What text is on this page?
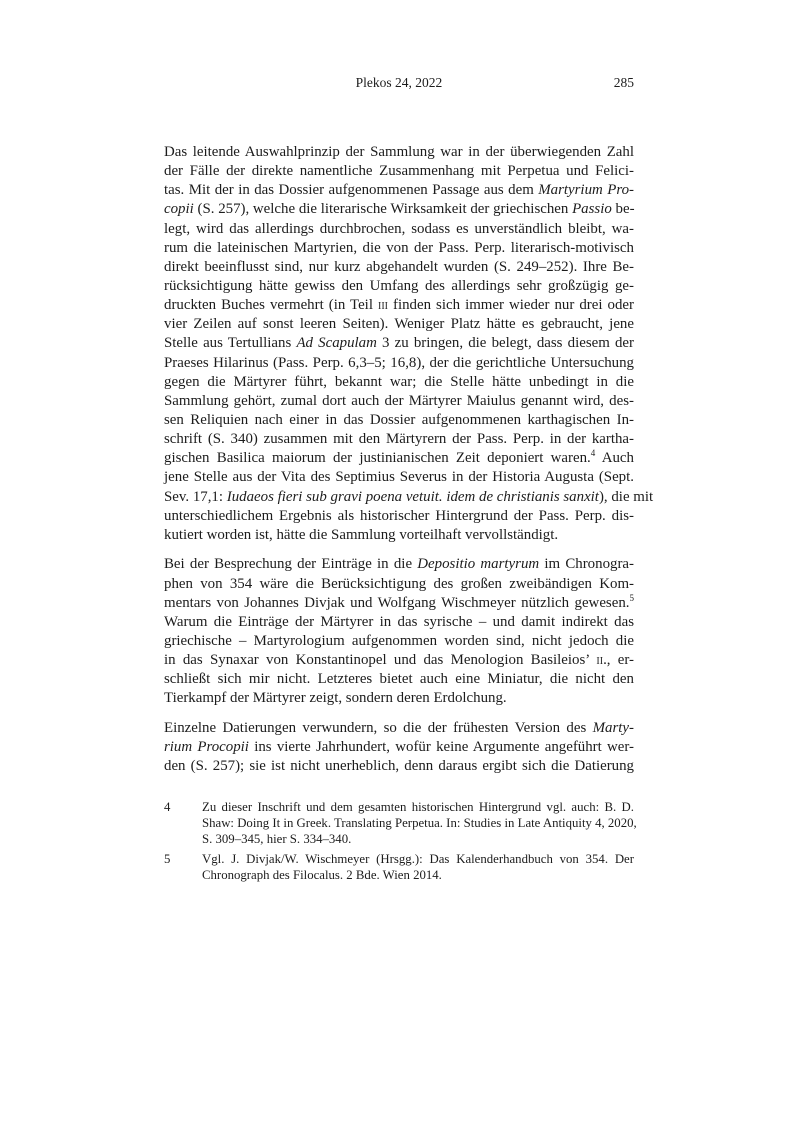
Plekos 24, 2022	285
Das leitende Auswahlprinzip der Sammlung war in der überwiegenden Zahl
der Fälle der direkte namentliche Zusammenhang mit Perpetua und Felici-
tas. Mit der in das Dossier aufgenommenen Passage aus dem Martyrium Pro-
copii (S. 257), welche die literarische Wirksamkeit der griechischen Passio be-
legt, wird das allerdings durchbrochen, sodass es unverständlich bleibt, wa-
rum die lateinischen Martyrien, die von der Pass. Perp. literarisch-motivisch
direkt beeinflusst sind, nur kurz abgehandelt wurden (S. 249–252). Ihre Be-
rücksichtigung hätte gewiss den Umfang des allerdings sehr großzügig ge-
druckten Buches vermehrt (in Teil iii finden sich immer wieder nur drei oder
vier Zeilen auf sonst leeren Seiten). Weniger Platz hätte es gebraucht, jene
Stelle aus Tertullians Ad Scapulam 3 zu bringen, die belegt, dass diesem der
Praeses Hilarinus (Pass. Perp. 6,3–5; 16,8), der die gerichtliche Untersuchung
gegen die Märtyrer führt, bekannt war; die Stelle hätte unbedingt in die
Sammlung gehört, zumal dort auch der Märtyrer Maiulus genannt wird, des-
sen Reliquien nach einer in das Dossier aufgenommenen karthagischen In-
schrift (S. 340) zusammen mit den Märtyrern der Pass. Perp. in der kartha-
gischen Basilica maiorum der justinianischen Zeit deponiert waren.$^4$ Auch
jene Stelle aus der Vita des Septimius Severus in der Historia Augusta (Sept.
Sev. 17,1: Iudaeos fieri sub gravi poena vetuit. idem de christianis sanxit), die mit
unterschiedlichem Ergebnis als historischer Hintergrund der Pass. Perp. dis-
kutiert worden ist, hätte die Sammlung vorteilhaft vervollständigt.
Bei der Besprechung der Einträge in die Depositio martyrum im Chronogra-
phen von 354 wäre die Berücksichtigung des großen zweibändigen Kom-
mentars von Johannes Divjak und Wolfgang Wischmeyer nützlich gewesen.$^5$
Warum die Einträge der Märtyrer in das syrische – und damit indirekt das
griechische – Martyrologium aufgenommen worden sind, nicht jedoch die
in das Synaxar von Konstantinopel und das Menologion Basileios’ ii., er-
schließt sich mir nicht. Letzteres bietet auch eine Miniatur, die nicht den
Tierkampf der Märtyrer zeigt, sondern deren Erdolchung.
Einzelne Datierungen verwundern, so die der frühesten Version des Marty-
rium Procopii ins vierte Jahrhundert, wofür keine Argumente angeführt wer-
den (S. 257); sie ist nicht unerheblich, denn daraus ergibt sich die Datierung
4 Zu dieser Inschrift und dem gesamten historischen Hintergrund vgl. auch: B. D.
Shaw: Doing It in Greek. Translating Perpetua. In: Studies in Late Antiquity 4, 2020,
S. 309–345, hier S. 334–340.
5 Vgl. J. Divjak/W. Wischmeyer (Hrsgg.): Das Kalenderhandbuch von 354. Der
Chronograph des Filocalus. 2 Bde. Wien 2014.
